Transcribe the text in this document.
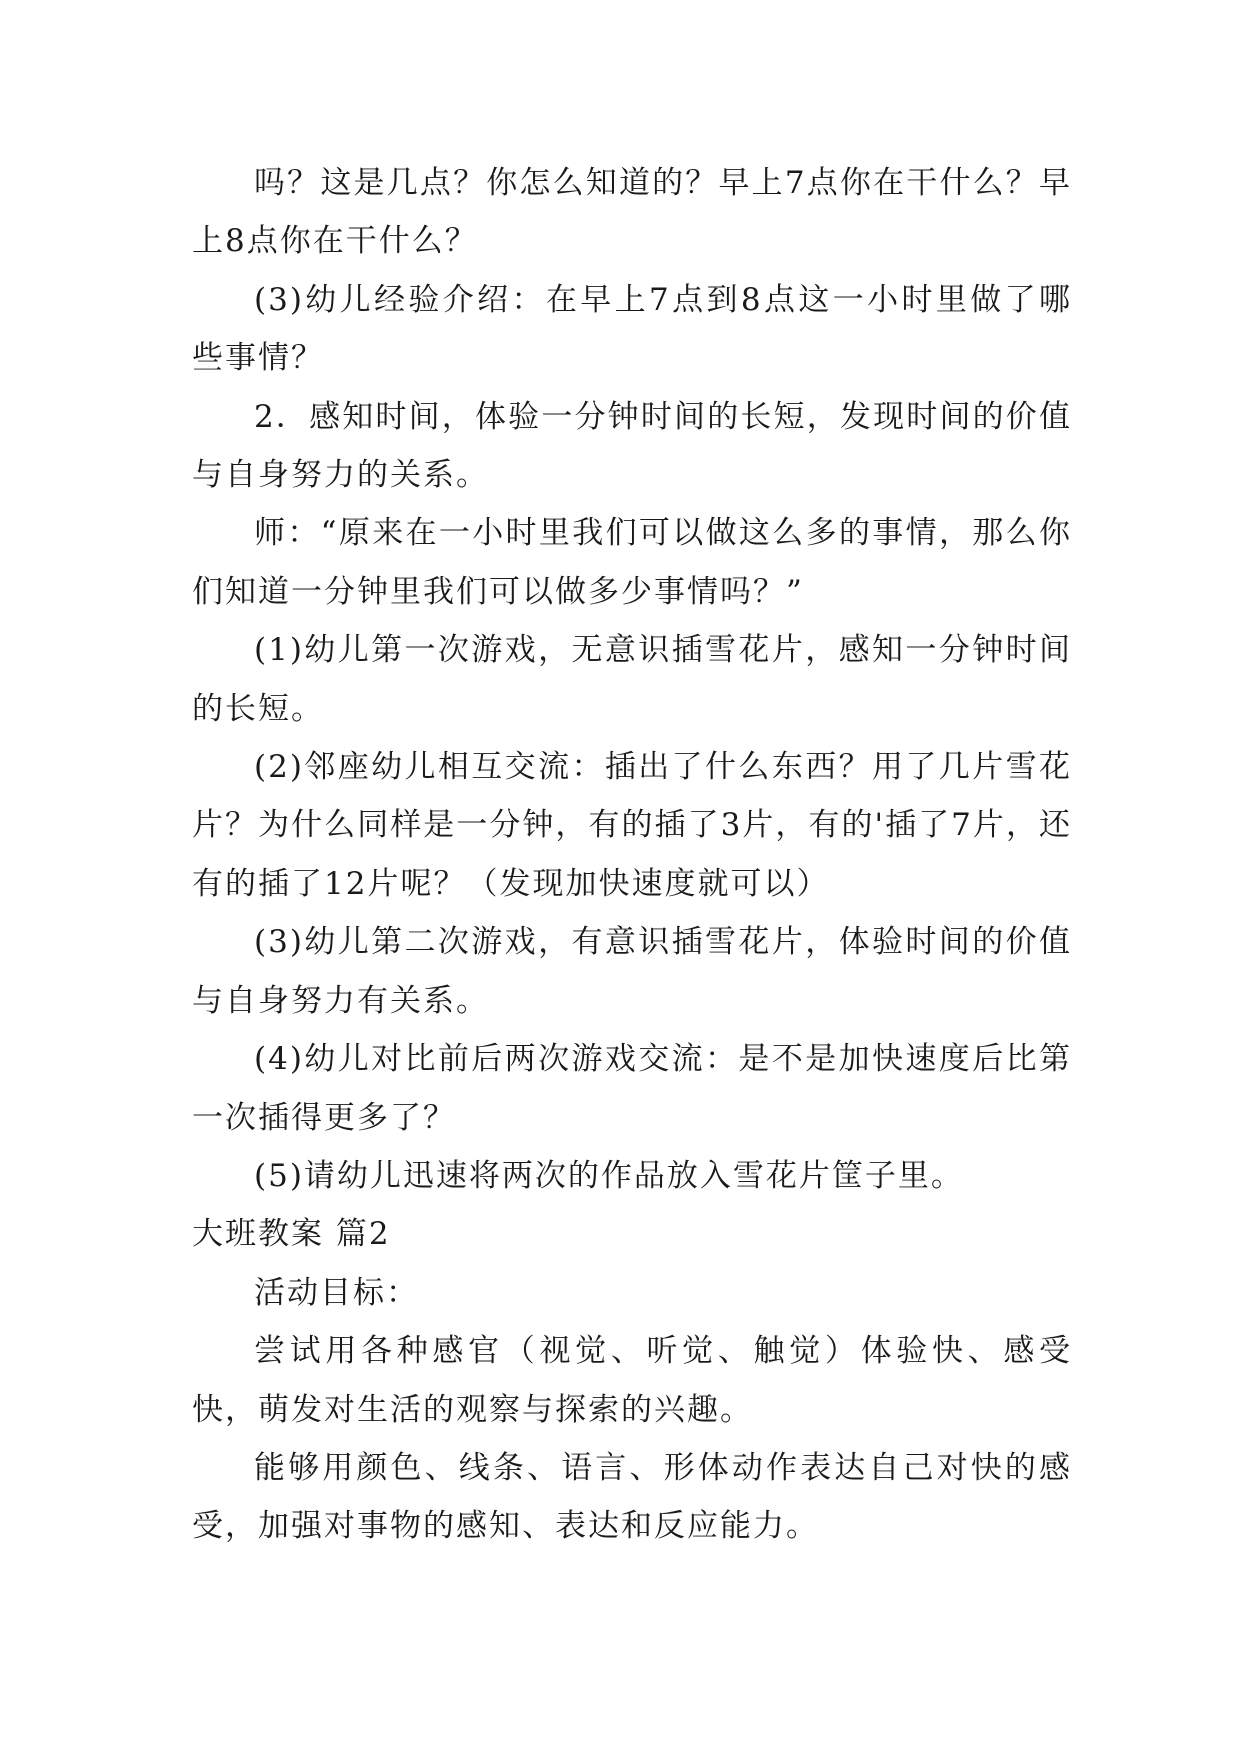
吗？这是几点？你怎么知道的？早上7点你在干什么？早上8点你在干什么？

(3)幼儿经验介绍：在早上7点到8点这一小时里做了哪些事情？

2．感知时间，体验一分钟时间的长短，发现时间的价值与自身努力的关系。

师：“原来在一小时里我们可以做这么多的事情，那么你们知道一分钟里我们可以做多少事情吗？”

(1)幼儿第一次游戏，无意识插雪花片，感知一分钟时间的长短。

(2)邻座幼儿相互交流：插出了什么东西？用了几片雪花片？为什么同样是一分钟，有的插了3片，有的'插了7片，还有的插了12片呢？（发现加快速度就可以）

(3)幼儿第二次游戏，有意识插雪花片，体验时间的价值与自身努力有关系。

(4)幼儿对比前后两次游戏交流：是不是加快速度后比第一次插得更多了？

(5)请幼儿迅速将两次的作品放入雪花片筐子里。

大班教案 篇2

活动目标：

尝试用各种感官（视觉、听觉、触觉）体验快、感受快，萌发对生活的观察与探索的兴趣。

能够用颜色、线条、语言、形体动作表达自己对快的感受，加强对事物的感知、表达和反应能力。
